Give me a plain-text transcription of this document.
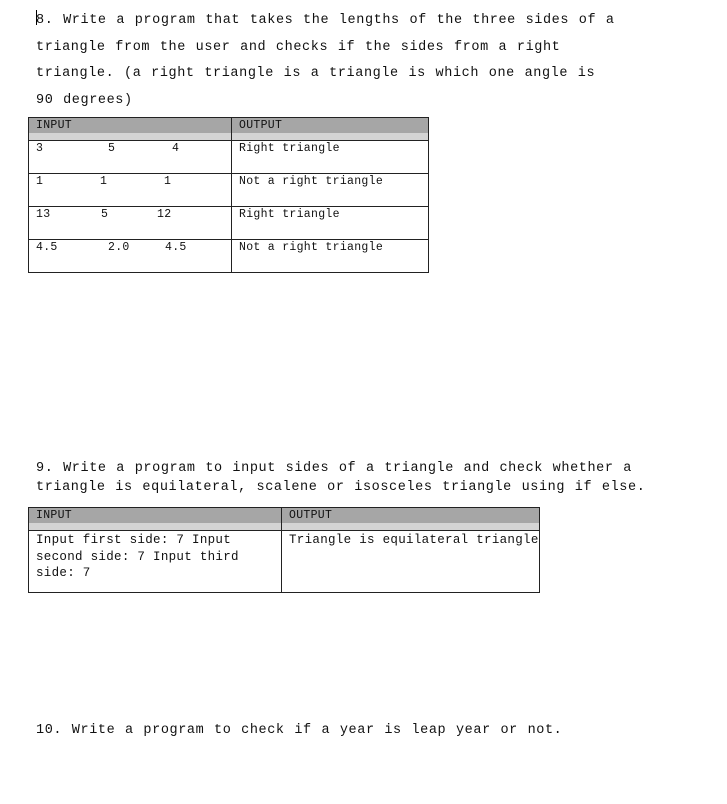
8. Write a program that takes the lengths of the three sides of a triangle from the user and checks if the sides from a right triangle. (a right triangle is a triangle is which one angle is 90 degrees)

INPUT	OUTPUT

3 5 4	Right triangle

1 1 1	Not a right triangle

13 5 12	Right triangle

4.5 2.0 4.5	Not a right triangle

9. Write a program to input sides of a triangle and check whether a triangle is equilateral, scalene or isosceles triangle using if else.

INPUT	OUTPUT

Input first side: 7 Input second side: 7 Input third side: 7	Triangle is equilateral triangle

10. Write a program to check if a year is leap year or not.
